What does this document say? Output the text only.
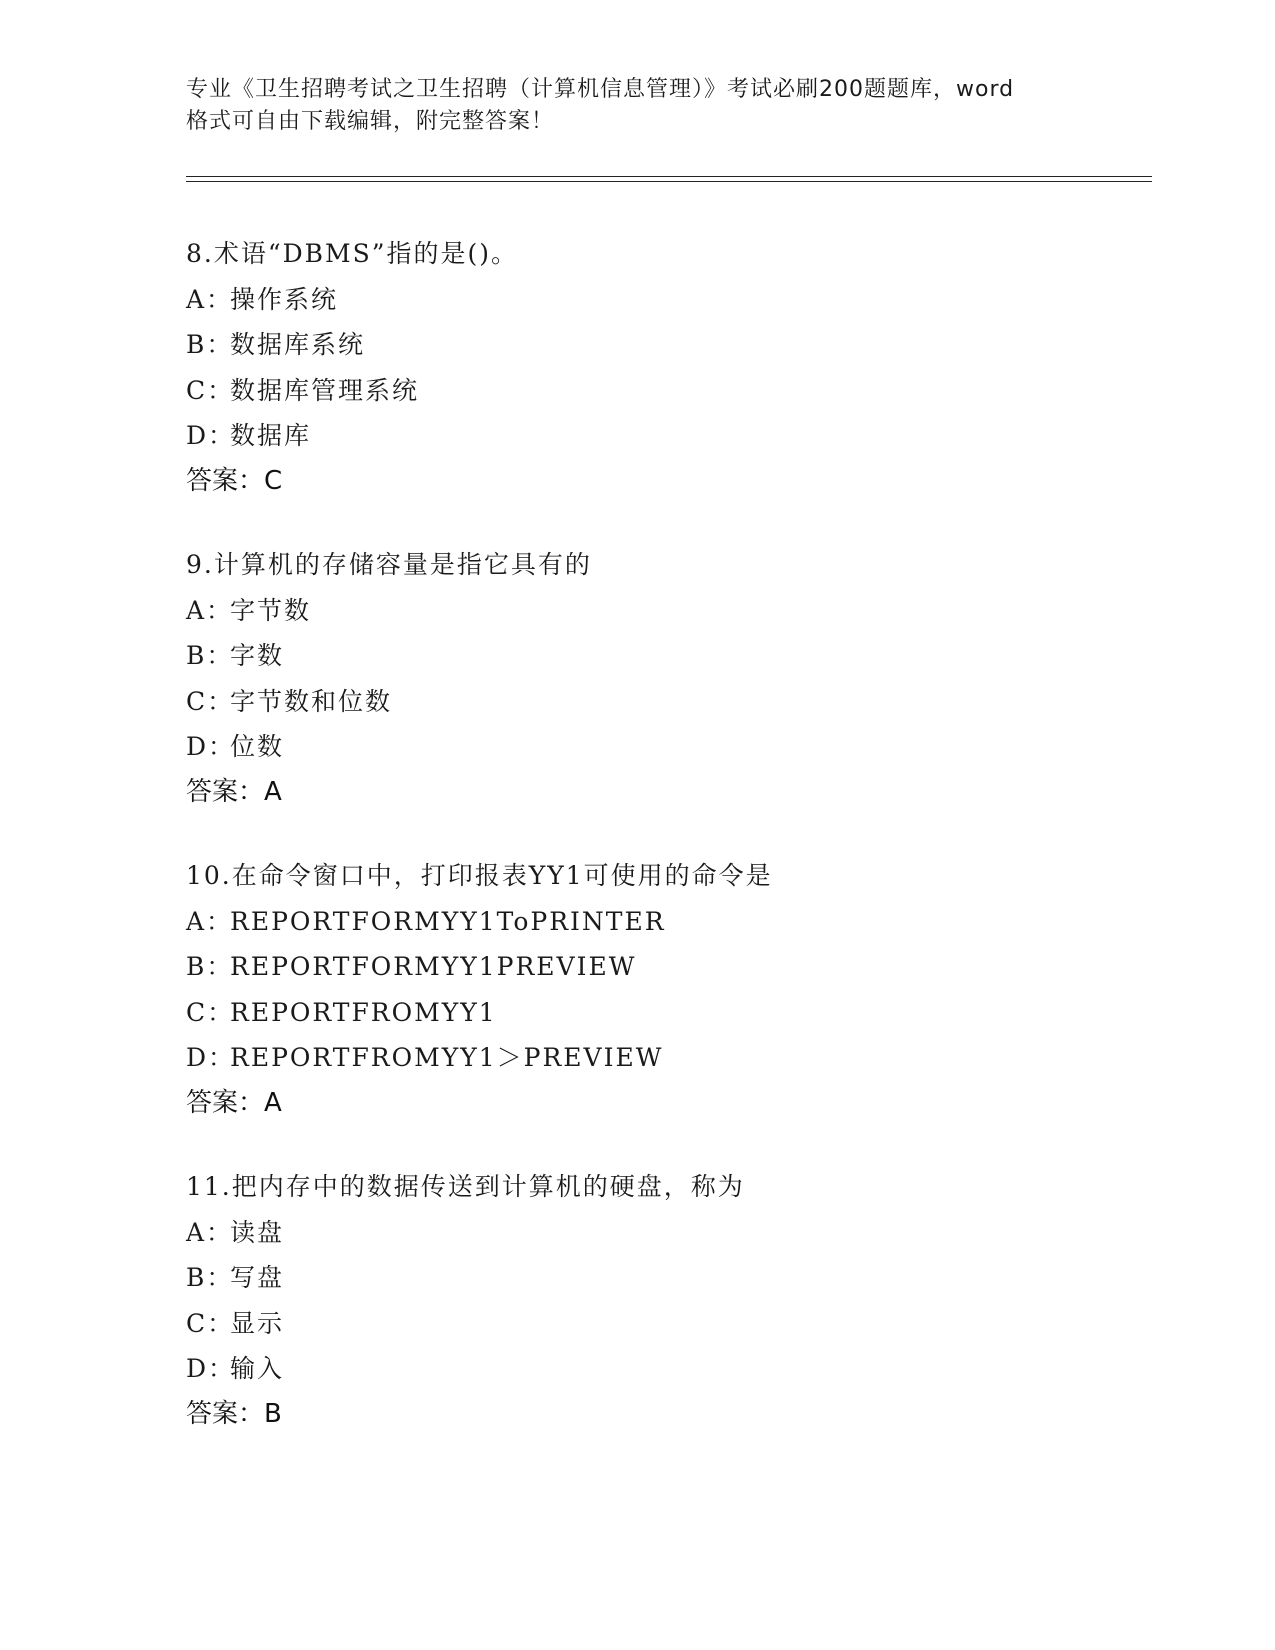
专业《卫生招聘考试之卫生招聘（计算机信息管理）》考试必刷200题题库，word
格式可自由下载编辑，附完整答案！
8.术语“DBMS”指的是()。
A：操作系统
B：数据库系统
C：数据库管理系统
D：数据库
答案：C
9.计算机的存储容量是指它具有的
A：字节数
B：字数
C：字节数和位数
D：位数
答案：A
10.在命令窗口中，打印报表YY1可使用的命令是
A：REPORTFORMYY1ToPRINTER
B：REPORTFORMYY1PREVIEW
C：REPORTFROMYY1
D：REPORTFROMYY1＞PREVIEW
答案：A
11.把内存中的数据传送到计算机的硬盘，称为
A：读盘
B：写盘
C：显示
D：输入
答案：B
